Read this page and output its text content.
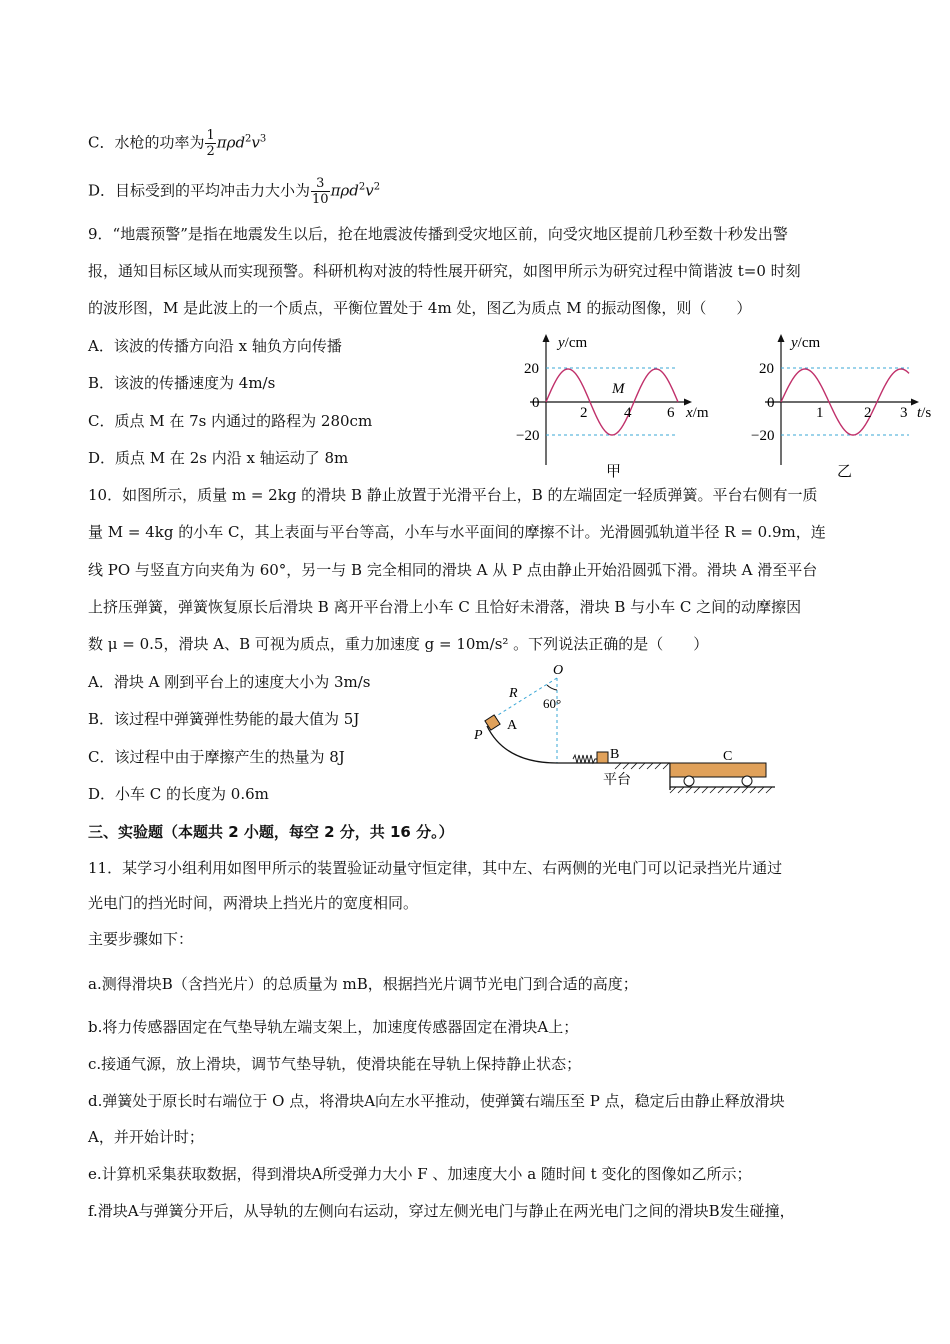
C．水枪的功率为 $\frac{1}{2} \pi\rho d^2v^3$
D．目标受到的平均冲击力大小为 $\frac{3}{10} \pi\rho d^2v^2$
9．“地震预警”是指在地震发生以后，抢在地震波传播到受灾地区前，向受灾地区提前几秒至数十秒发出警
报，通知目标区域从而实现预警。科研机构对波的特性展开研究，如图甲所示为研究过程中简谐波 t=0 时刻
的波形图，M 是此波上的一个质点，平衡位置处于 4m 处，图乙为质点 M 的振动图像，则（　　）
A．该波的传播方向沿 x 轴负方向传播
B．该波的传播速度为 4m/s
C．质点 M 在 7s 内通过的路程为 280cm
D．质点 M 在 2s 内沿 x 轴运动了 8m
y/cm
20
0
−20
2 4 6 x/m
M
甲
y/cm
20
0
−20
1	2 3 t/s
乙
10．如图所示，质量 m = 2kg 的滑块 B 静止放置于光滑平台上，B 的左端固定一轻质弹簧。平台右侧有一质
量 M = 4kg 的小车 C，其上表面与平台等高，小车与水平面间的摩擦不计。光滑圆弧轨道半径 R = 0.9m，连
线 PO 与竖直方向夹角为 60°，另一与 B 完全相同的滑块 A 从 P 点由静止开始沿圆弧下滑。滑块 A 滑至平台
上挤压弹簧，弹簧恢复原长后滑块 B 离开平台滑上小车 C 且恰好未滑落，滑块 B 与小车 C 之间的动摩擦因
数 μ = 0.5，滑块 A、B 可视为质点，重力加速度 g = 10m/s² 。下列说法正确的是（　　）
A．滑块 A 刚到平台上的速度大小为 3m/s
B．该过程中弹簧弹性势能的最大值为 5J
C．该过程中由于摩擦产生的热量为 8J
D．小车 C 的长度为 0.6m
O
R
60°
A
P
B	C
平台
三、实验题（本题共 2 小题，每空 2 分，共 16 分。）
11．某学习小组利用如图甲所示的装置验证动量守恒定律，其中左、右两侧的光电门可以记录挡光片通过
光电门的挡光时间，两滑块上挡光片的宽度相同。
主要步骤如下：
a.测得滑块B（含挡光片）的总质量为 mB，根据挡光片调节光电门到合适的高度；
b.将力传感器固定在气垫导轨左端支架上，加速度传感器固定在滑块A上；
c.接通气源，放上滑块，调节气垫导轨，使滑块能在导轨上保持静止状态；
d.弹簧处于原长时右端位于 O 点，将滑块A向左水平推动，使弹簧右端压至 P 点，稳定后由静止释放滑块
A，并开始计时；
e.计算机采集获取数据，得到滑块A所受弹力大小 F 、加速度大小 a 随时间 t 变化的图像如乙所示；
f.滑块A与弹簧分开后，从导轨的左侧向右运动，穿过左侧光电门与静止在两光电门之间的滑块B发生碰撞，
